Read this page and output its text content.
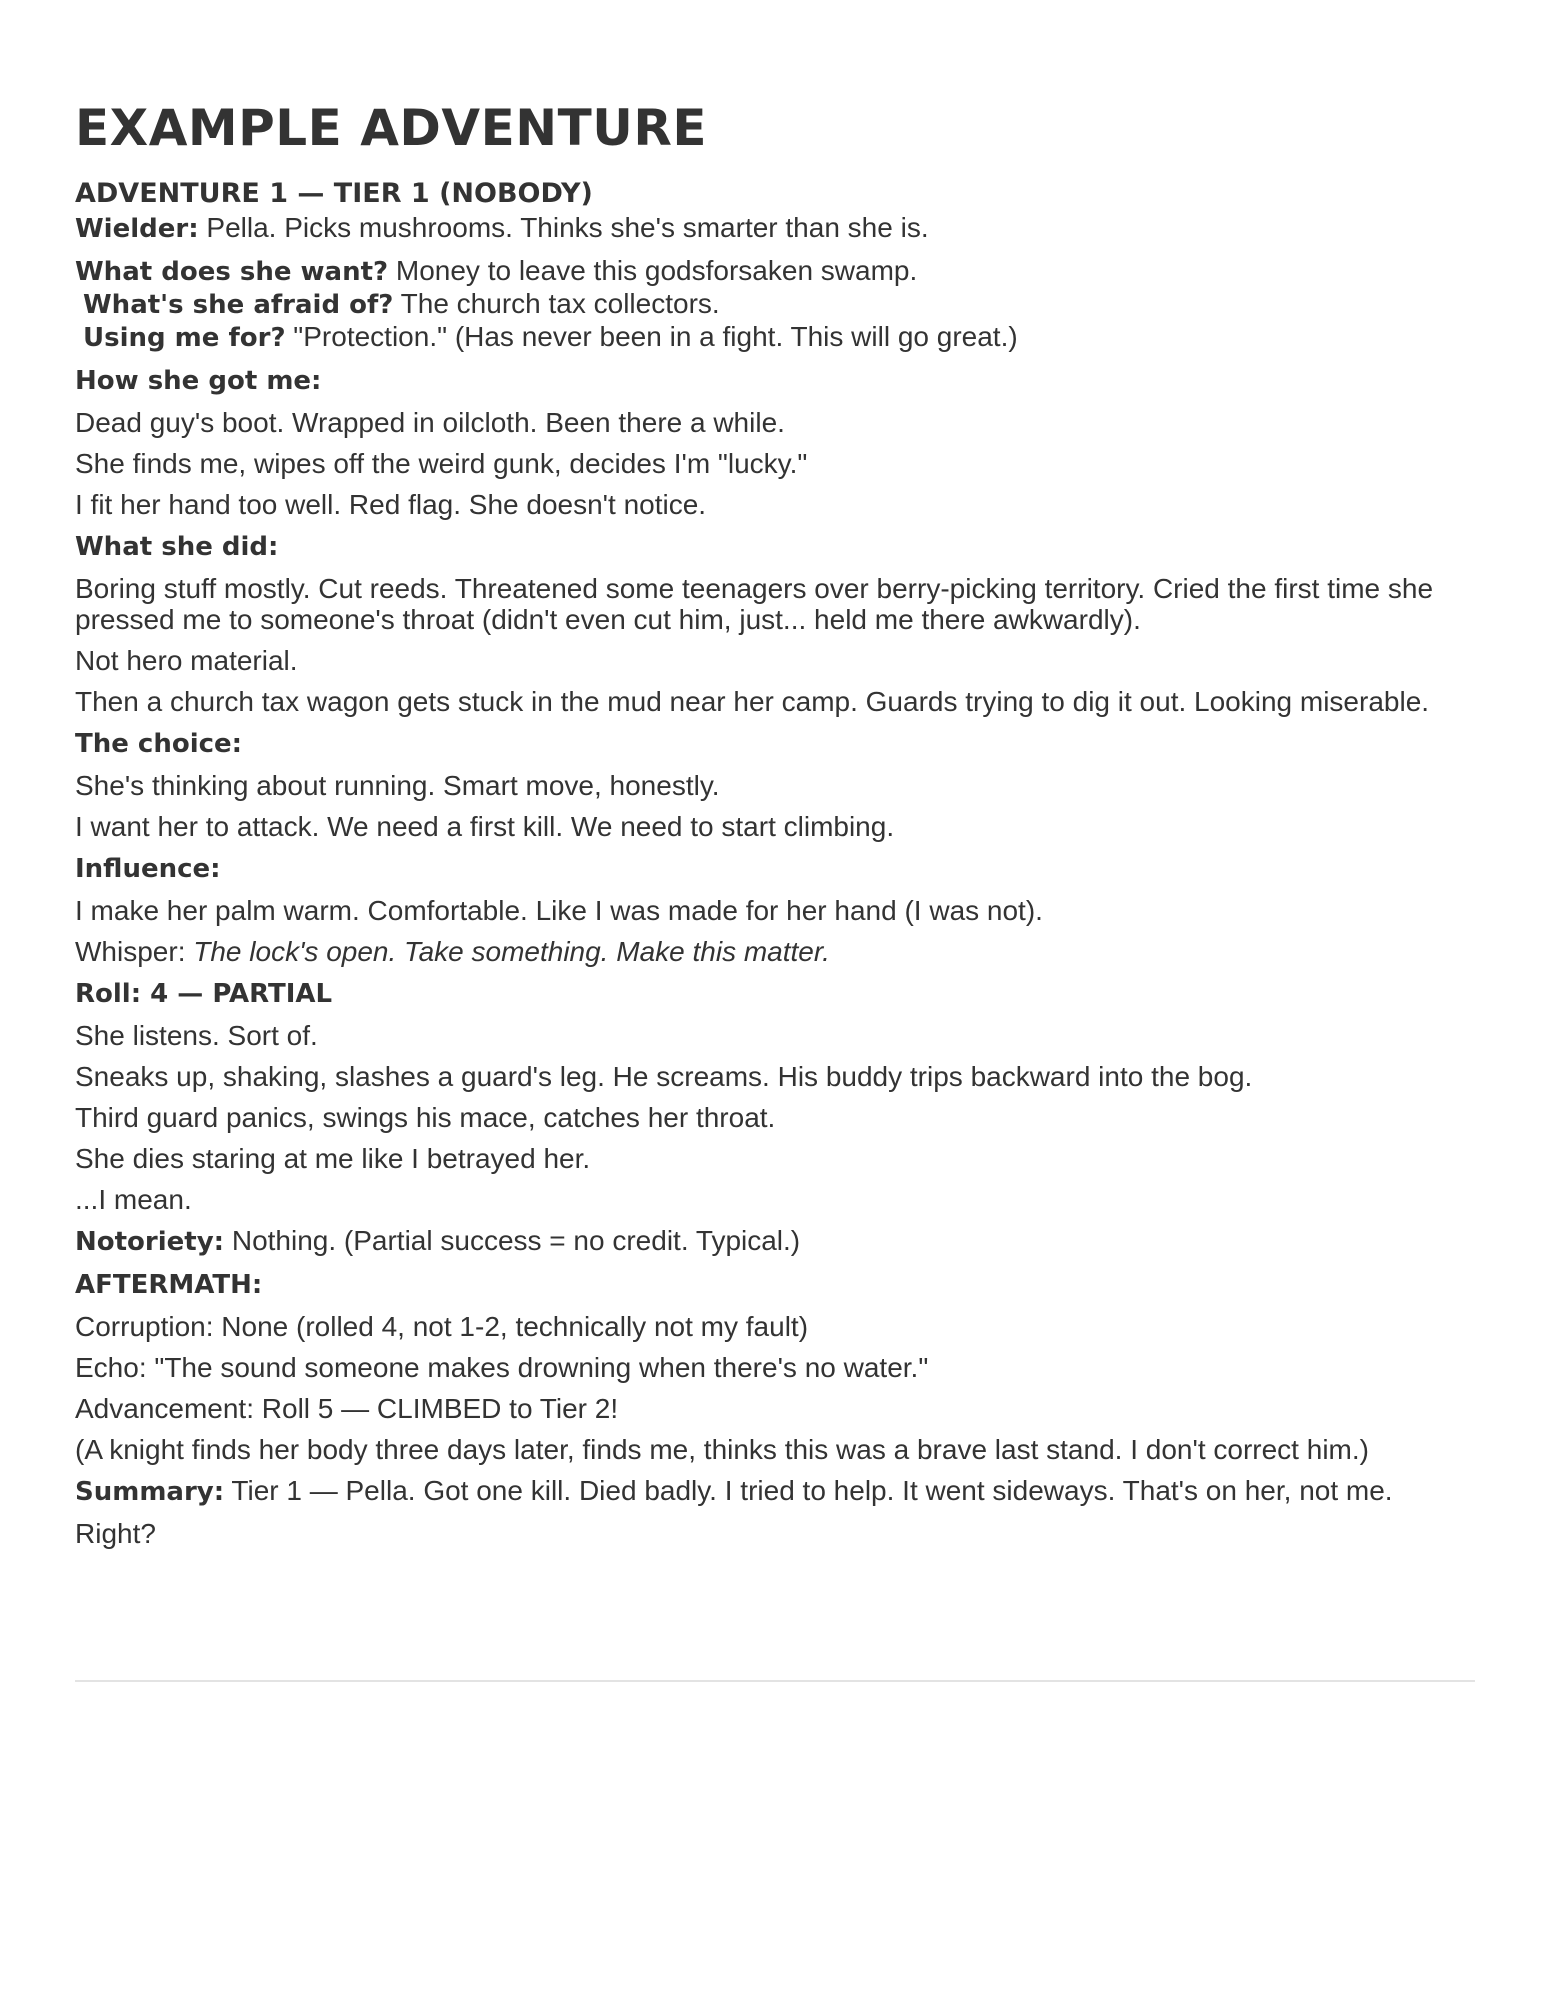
EXAMPLE ADVENTURE

ADVENTURE 1 — TIER 1 (NOBODY)

Wielder: Pella. Picks mushrooms. Thinks she's smarter than she is.

What does she want? Money to leave this godsforsaken swamp.

What's she afraid of? The church tax collectors.

Using me for? "Protection." (Has never been in a fight. This will go great.)

How she got me:

Dead guy's boot. Wrapped in oilcloth. Been there a while.

She finds me, wipes off the weird gunk, decides I'm "lucky."

I fit her hand too well. Red flag. She doesn't notice.

What she did:

Boring stuff mostly. Cut reeds. Threatened some teenagers over berry-picking territory. Cried the first time she pressed me to someone's throat (didn't even cut him, just... held me there awkwardly).

Not hero material.

Then a church tax wagon gets stuck in the mud near her camp. Guards trying to dig it out. Looking miserable.

The choice:

She's thinking about running. Smart move, honestly.

I want her to attack. We need a first kill. We need to start climbing.

Influence:

I make her palm warm. Comfortable. Like I was made for her hand (I was not).

Whisper: The lock's open. Take something. Make this matter.

Roll: 4 — PARTIAL

She listens. Sort of.

Sneaks up, shaking, slashes a guard's leg. He screams. His buddy trips backward into the bog.

Third guard panics, swings his mace, catches her throat.

She dies staring at me like I betrayed her.

...I mean.

Notoriety: Nothing. (Partial success = no credit. Typical.)

AFTERMATH:

Corruption: None (rolled 4, not 1-2, technically not my fault)

Echo: "The sound someone makes drowning when there's no water."

Advancement: Roll 5 — CLIMBED to Tier 2!

(A knight finds her body three days later, finds me, thinks this was a brave last stand. I don't correct him.)

Summary: Tier 1 — Pella. Got one kill. Died badly. I tried to help. It went sideways. That's on her, not me.

Right?
